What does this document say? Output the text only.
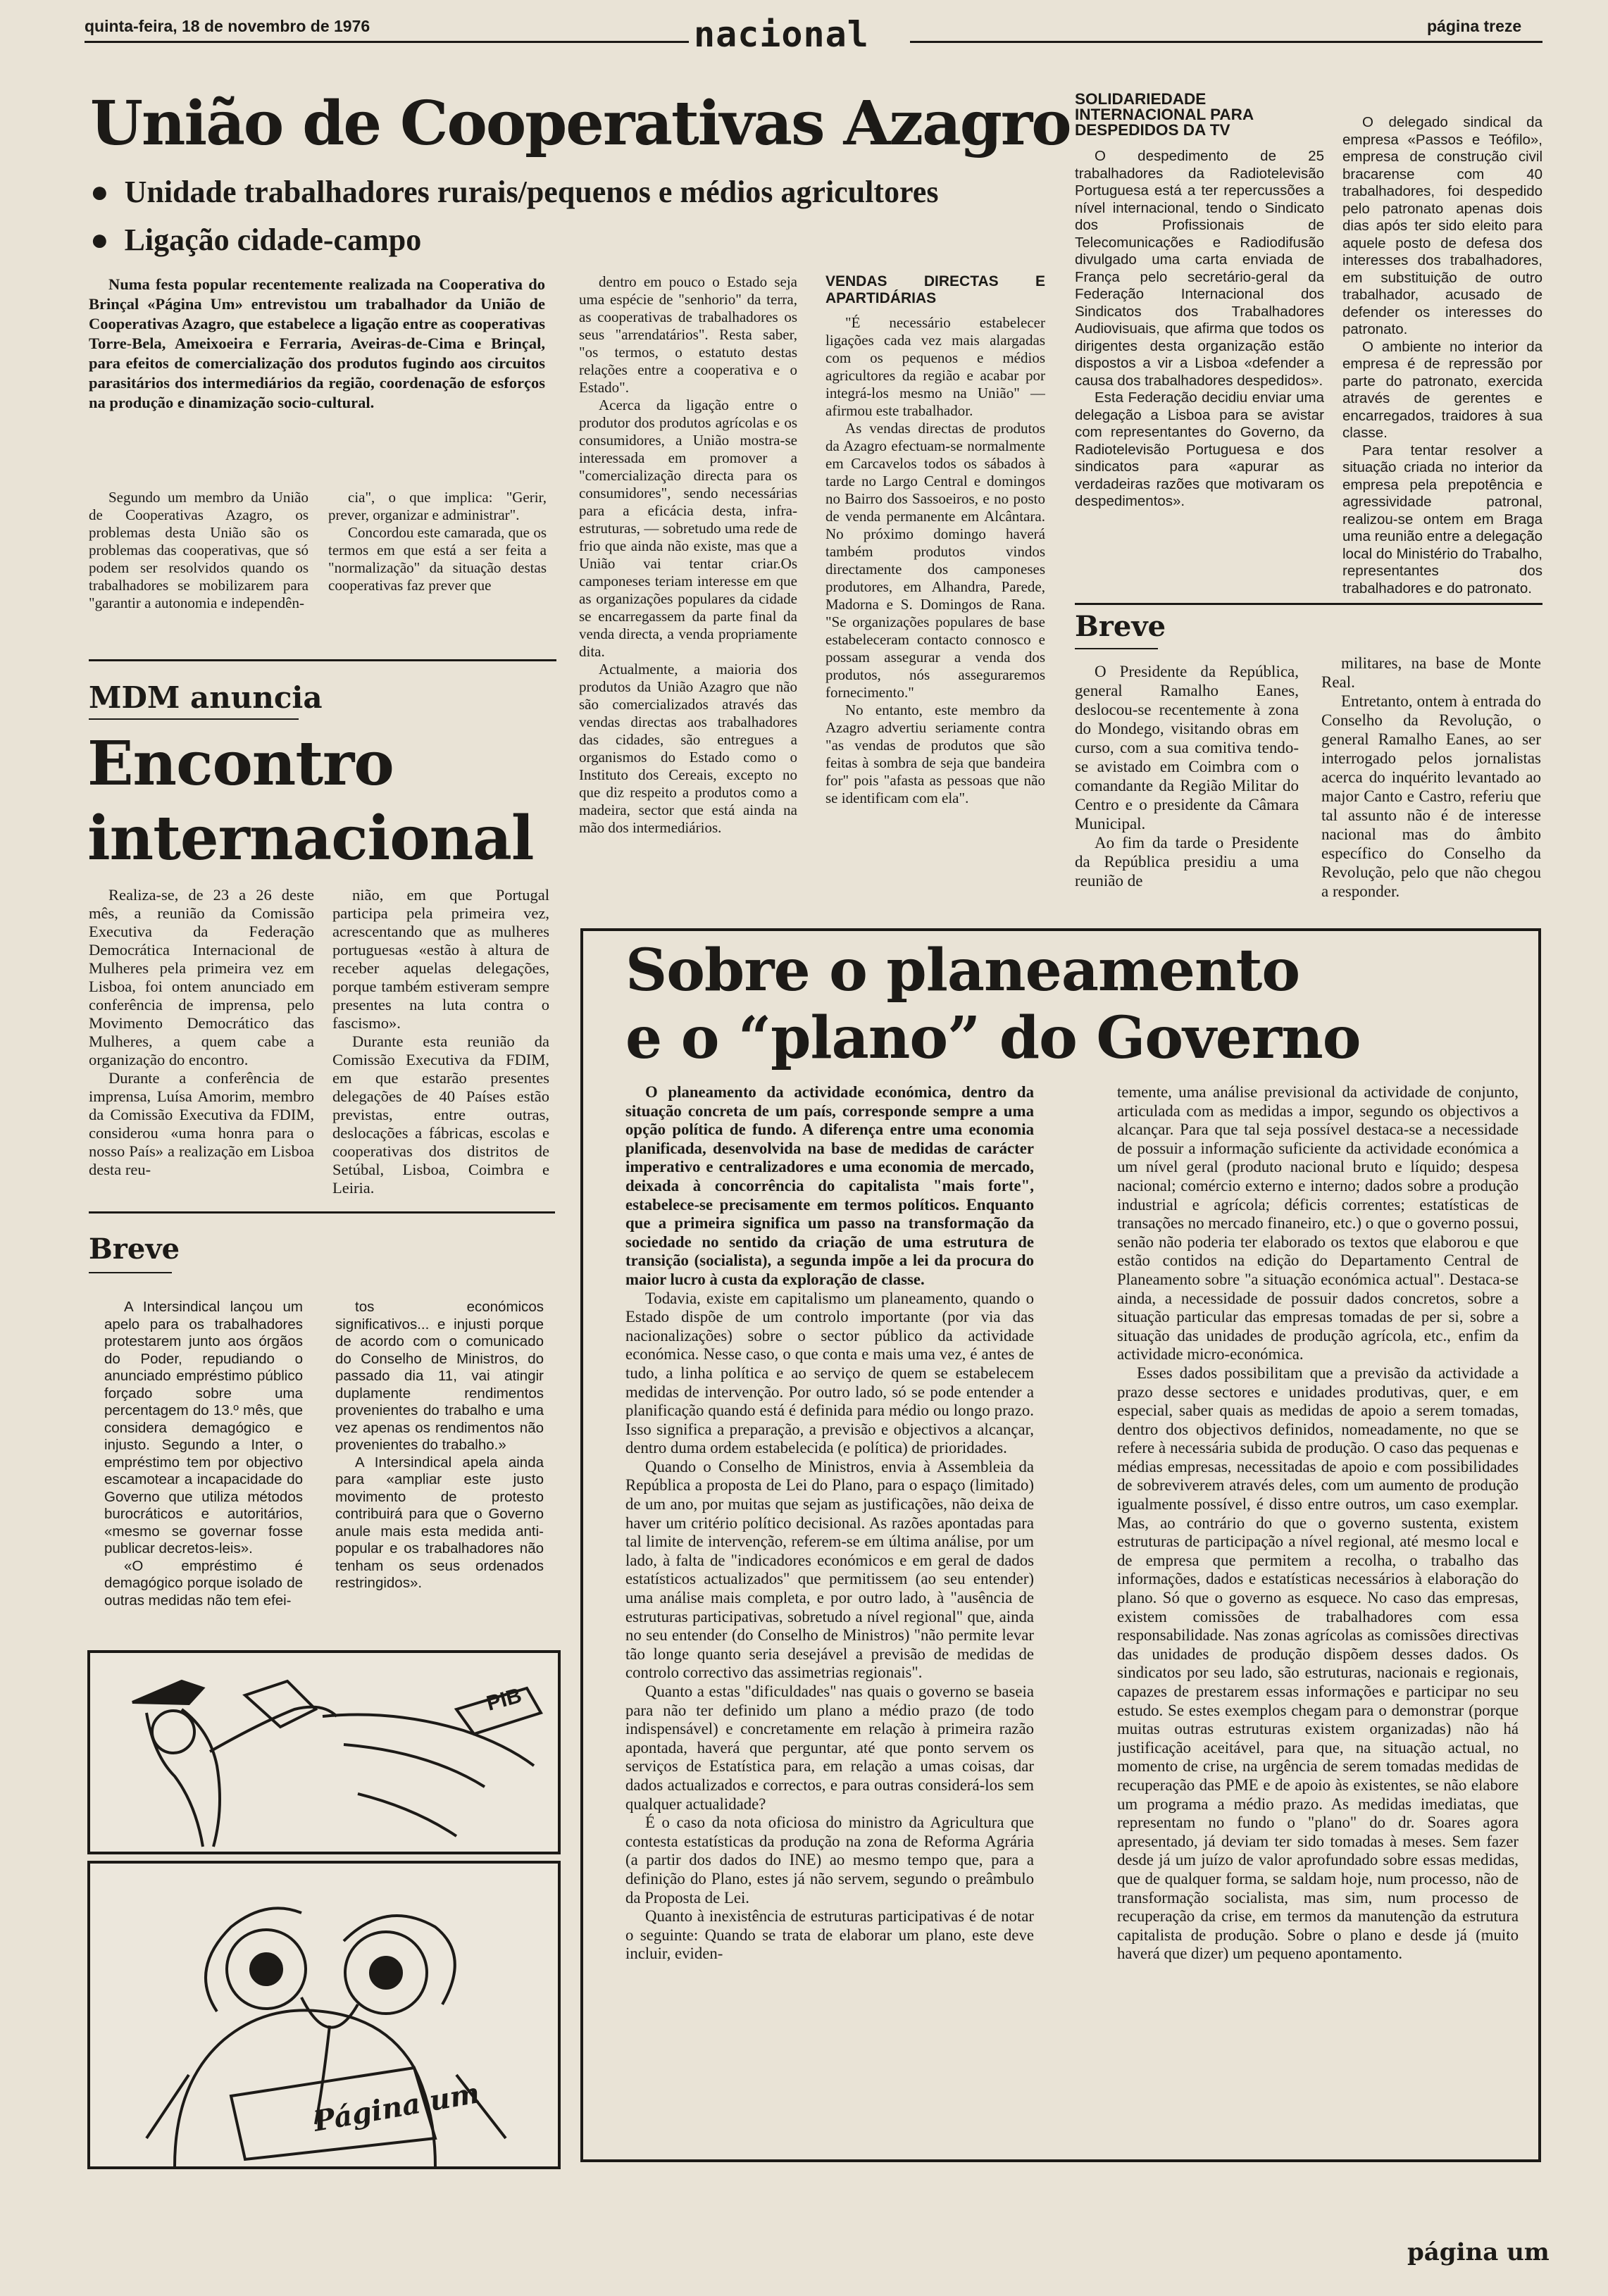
quinta-feira, 18 de novembro de 1976	nacional	página treze
União de Cooperativas Azagro
● Unidade trabalhadores rurais/pequenos e médios agricultores
● Ligação cidade-campo

Numa festa popular recentemente realizada na Cooperativa do Brinçal «Página Um» entrevistou um trabalhador da União de Cooperativas Azagro, que estabelece a ligação entre as cooperativas Torre-Bela, Ameixoeira e Ferraria, Aveiras-de-Cima e Brinçal, para efeitos de comercialização dos produtos fugindo aos circuitos parasitários dos intermediários da região, coordenação de esforços na produção e dinamização socio-cultural.

Segundo um membro da União de Cooperativas Azagro, os problemas desta União são os problemas das cooperativas, que só podem ser resolvidos quando os trabalhadores se mobilizarem para "garantir a autonomia e independên-

cia", o que implica: "Gerir, prever, organizar e administrar".

Concordou este camarada, que os termos em que está a ser feita a "normalização" da situação destas cooperativas faz prever que

dentro em pouco o Estado seja uma espécie de "senhorio" da terra, as cooperativas de trabalhadores os seus "arrendatários". Resta saber, "os termos, o estatuto destas relações entre a cooperativa e o Estado".

Acerca da ligação entre o produtor dos produtos agrícolas e os consumidores, a União mostra-se interessada em promover a "comercialização directa para os consumidores", sendo necessárias para a eficácia desta, infra-estruturas, — sobretudo uma rede de frio que ainda não existe, mas que a União vai tentar criar.Os camponeses teriam interesse em que as organizações populares da cidade se encarregassem da parte final da venda directa, a venda propriamente dita.

Actualmente, a maioria dos produtos da União Azagro que não são comercializados através das vendas directas aos trabalhadores das cidades, são entregues a organismos do Estado como o Instituto dos Cereais, excepto no que diz respeito a produtos como a madeira, sector que está ainda na mão dos intermediários.

VENDAS DIRECTAS E APARTIDÁRIAS

"É necessário estabelecer ligações cada vez mais alargadas com os pequenos e médios agricultores da região e acabar por integrá-los mesmo na União" — afirmou este trabalhador.

As vendas directas de produtos da Azagro efectuam-se normalmente em Carcavelos todos os sábados à tarde no Largo Central e domingos no Bairro dos Sassoeiros, e no posto de venda permanente em Alcântara. No próximo domingo haverá também produtos vindos directamente dos camponeses produtores, em Alhandra, Parede, Madorna e S. Domingos de Rana. "Se organizações populares de base estabeleceram contacto connosco e possam assegurar a venda dos produtos, nós asseguraremos fornecimento."

No entanto, este membro da Azagro advertiu seriamente contra "as vendas de produtos que são feitas à sombra de seja que bandeira for" pois "afasta as pessoas que não se identificam com ela".

SOLIDARIEDADE INTERNACIONAL PARA DESPEDIDOS DA TV

O despedimento de 25 trabalhadores da Radiotelevisão Portuguesa está a ter repercussões a nível internacional, tendo o Sindicato dos Profissionais de Telecomunicações e Radiodifusão divulgado uma carta enviada de França pelo secretário-geral da Federação Internacional dos Sindicatos dos Trabalhadores Audiovisuais, que afirma que todos os dirigentes desta organização estão dispostos a vir a Lisboa «defender a causa dos trabalhadores despedidos».

Esta Federação decidiu enviar uma delegação a Lisboa para se avistar com representantes do Governo, da Radiotelevisão Portuguesa e dos sindicatos para «apurar as verdadeiras razões que motivaram os despedimentos».

O delegado sindical da empresa «Passos e Teófilo», empresa de construção civil bracarense com 40 trabalhadores, foi despedido pelo patronato apenas dois dias após ter sido eleito para aquele posto de defesa dos interesses dos trabalhadores, em substituição de outro trabalhador, acusado de defender os interesses do patronato.

O ambiente no interior da empresa é de repressão por parte do patronato, exercida através de gerentes e encarregados, traidores à sua classe.

Para tentar resolver a situação criada no interior da empresa pela prepotência e agressividade patronal, realizou-se ontem em Braga uma reunião entre a delegação local do Ministério do Trabalho, representantes dos trabalhadores e do patronato.

Breve

O Presidente da República, general Ramalho Eanes, deslocou-se recentemente à zona do Mondego, visitando obras em curso, com a sua comitiva tendo-se avistado em Coimbra com o comandante da Região Militar do Centro e o presidente da Câmara Municipal.

Ao fim da tarde o Presidente da República presidiu a uma reunião de

militares, na base de Monte Real.

Entretanto, ontem à entrada do Conselho da Revolução, o general Ramalho Eanes, ao ser interrogado pelos jornalistas acerca do inquérito levantado ao major Canto e Castro, referiu que tal assunto não é de interesse nacional mas do âmbito específico do Conselho da Revolução, pelo que não chegou a responder.

MDM anuncia
Encontro
internacional

Realiza-se, de 23 a 26 deste mês, a reunião da Comissão Executiva da Federação Democrática Internacional de Mulheres pela primeira vez em Lisboa, foi ontem anunciado em conferência de imprensa, pelo Movimento Democrático das Mulheres, a quem cabe a organização do encontro.

Durante a conferência de imprensa, Luísa Amorim, membro da Comissão Executiva da FDIM, considerou «uma honra para o nosso País» a realização em Lisboa desta reu-

nião, em que Portugal participa pela primeira vez, acrescentando que as mulheres portuguesas «estão à altura de receber aquelas delegações, porque também estiveram sempre presentes na luta contra o fascismo».

Durante esta reunião da Comissão Executiva da FDIM, em que estarão presentes delegações de 40 Países estão previstas, entre outras, deslocações a fábricas, escolas e cooperativas dos distritos de Setúbal, Lisboa, Coimbra e Leiria.

Breve

A Intersindical lançou um apelo para os trabalhadores protestarem junto aos órgãos do Poder, repudiando o anunciado empréstimo público forçado sobre uma percentagem do 13.º mês, que considera demagógico e injusto. Segundo a Inter, o empréstimo tem por objectivo escamotear a incapacidade do Governo que utiliza métodos burocráticos e autoritários, «mesmo se governar fosse publicar decretos-leis».

«O empréstimo é demagógico porque isolado de outras medidas não tem efei-

tos económicos significativos... e injusti porque de acordo com o comunicado do Conselho de Ministros, do passado dia 11, vai atingir duplamente rendimentos provenientes do trabalho e uma vez apenas os rendimentos não provenientes do trabalho.»

A Intersindical apela ainda para «ampliar este justo movimento de protesto contribuirá para que o Governo anule mais esta medida anti-popular e os trabalhadores não tenham os seus ordenados restringidos».

PIB
Página um
Sobre o planeamento
e o “plano” do Governo

O planeamento da actividade económica, dentro da situação concreta de um país, corresponde sempre a uma opção política de fundo. A diferença entre uma economia planificada, desenvolvida na base de medidas de carácter imperativo e centralizadores e uma economia de mercado, deixada à concorrência do capitalista "mais forte", estabelece-se precisamente em termos políticos. Enquanto que a primeira significa um passo na transformação da sociedade no sentido da criação de uma estrutura de transição (socialista), a segunda impõe a lei da procura do maior lucro à custa da exploração de classe.

Todavia, existe em capitalismo um planeamento, quando o Estado dispõe de um controlo importante (por via das nacionalizações) sobre o sector público da actividade económica. Nesse caso, o que conta e mais uma vez, é antes de tudo, a linha política e ao serviço de quem se estabelecem medidas de intervenção. Por outro lado, só se pode entender a planificação quando está é definida para médio ou longo prazo. Isso significa a preparação, a previsão e objectivos a alcançar, dentro duma ordem estabelecida (e política) de prioridades.

Quando o Conselho de Ministros, envia à Assembleia da República a proposta de Lei do Plano, para o espaço (limitado) de um ano, por muitas que sejam as justificações, não deixa de haver um critério político decisional. As razões apontadas para tal limite de intervenção, referem-se em última análise, por um lado, à falta de "indicadores económicos e em geral de dados estatísticos actualizados" que permitissem (ao seu entender) uma análise mais completa, e por outro lado, à "ausência de estruturas participativas, sobretudo a nível regional" que, ainda no seu entender (do Conselho de Ministros) "não permite levar tão longe quanto seria desejável a previsão de medidas de controlo correctivo das assimetrias regionais".

Quanto a estas "dificuldades" nas quais o governo se baseia para não ter definido um plano a médio prazo (de todo indispensável) e concretamente em relação à primeira razão apontada, haverá que perguntar, até que ponto servem os serviços de Estatística para, em relação a umas coisas, dar dados actualizados e correctos, e para outras considerá-los sem qualquer actualidade?

É o caso da nota oficiosa do ministro da Agricultura que contesta estatísticas da produção na zona de Reforma Agrária (a partir dos dados do INE) ao mesmo tempo que, para a definição do Plano, estes já não servem, segundo o preâmbulo da Proposta de Lei.

Quanto à inexistência de estruturas participativas é de notar o seguinte: Quando se trata de elaborar um plano, este deve incluir, eviden-

temente, uma análise previsional da actividade de conjunto, articulada com as medidas a impor, segundo os objectivos a alcançar. Para que tal seja possível destaca-se a necessidade de possuir a informação suficiente da actividade económica a um nível geral (produto nacional bruto e líquido; despesa nacional; comércio externo e interno; dados sobre a produção industrial e agrícola; déficis correntes; estatísticas de transações no mercado finaneiro, etc.) o que o governo possui, senão não poderia ter elaborado os textos que elaborou e que estão contidos na edição do Departamento Central de Planeamento sobre "a situação económica actual". Destaca-se ainda, a necessidade de possuir dados concretos, sobre a situação particular das empresas tomadas de per si, sobre a situação das unidades de produção agrícola, etc., enfim da actividade micro-económica.

Esses dados possibilitam que a previsão da actividade a prazo desse sectores e unidades produtivas, quer, e em especial, saber quais as medidas de apoio a serem tomadas, dentro dos objectivos definidos, nomeadamente, no que se refere à necessária subida de produção. O caso das pequenas e médias empresas, necessitadas de apoio e com possibilidades de sobreviverem através deles, com um aumento de produção igualmente possível, é disso entre outros, um caso exemplar. Mas, ao contrário do que o governo sustenta, existem estruturas de participação a nível regional, até mesmo local e de empresa que permitem a recolha, o trabalho das informações, dados e estatísticas necessários à elaboração do plano. Só que o governo as esquece. No caso das empresas, existem comissões de trabalhadores com essa responsabilidade. Nas zonas agrícolas as comissões directivas das unidades de produção dispõem desses dados. Os sindicatos por seu lado, são estruturas, nacionais e regionais, capazes de prestarem essas informações e participar no seu estudo. Se estes exemplos chegam para o demonstrar (porque muitas outras estruturas existem organizadas) não há justificação aceitável, para que, na situação actual, no momento de crise, na urgência de serem tomadas medidas de recuperação das PME e de apoio às existentes, se não elabore um programa a médio prazo. As medidas imediatas, que representam no fundo o "plano" do dr. Soares agora apresentado, já deviam ter sido tomadas à meses. Sem fazer desde já um juízo de valor aprofundado sobre essas medidas, que de qualquer forma, se saldam hoje, num processo, não de transformação socialista, mas sim, num processo de recuperação da crise, em termos da manutenção da estrutura capitalista de produção. Sobre o plano e desde já (muito haverá que dizer) um pequeno apontamento.

página um
